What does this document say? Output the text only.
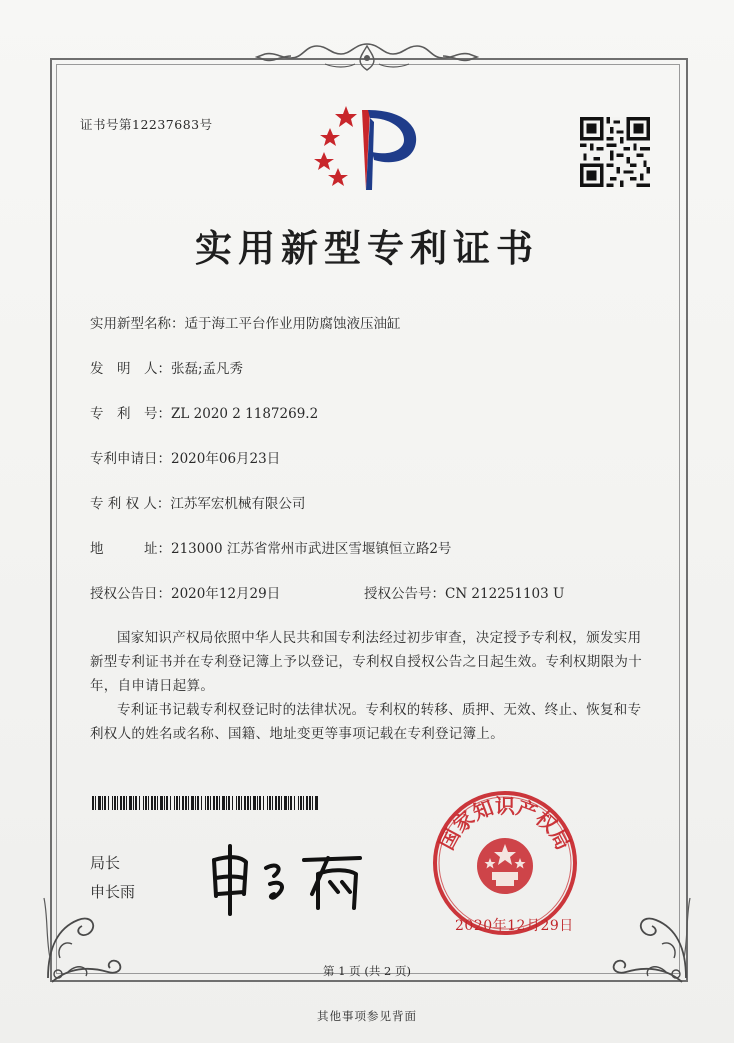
证书号第12237683号
实用新型专利证书
实用新型名称：适于海工平台作业用防腐蚀液压油缸
发　明　人：张磊;孟凡秀
专　利　号：ZL 2020 2 1187269.2
专利申请日：2020年06月23日
专 利 权 人：江苏军宏机械有限公司
地　　　址：213000 江苏省常州市武进区雪堰镇恒立路2号
授权公告日：2020年12月29日	授权公告号：CN 212251103 U
国家知识产权局依照中华人民共和国专利法经过初步审查，决定授予专利权，颁发实用新型专利证书并在专利登记簿上予以登记，专利权自授权公告之日起生效。专利权期限为十年，自申请日起算。
专利证书记载专利权登记时的法律状况。专利权的转移、质押、无效、终止、恢复和专利权人的姓名或名称、国籍、地址变更等事项记载在专利登记簿上。
局长
申长雨
国家知识产权局
2020年12月29日
第 1 页 (共 2 页)
其他事项参见背面
